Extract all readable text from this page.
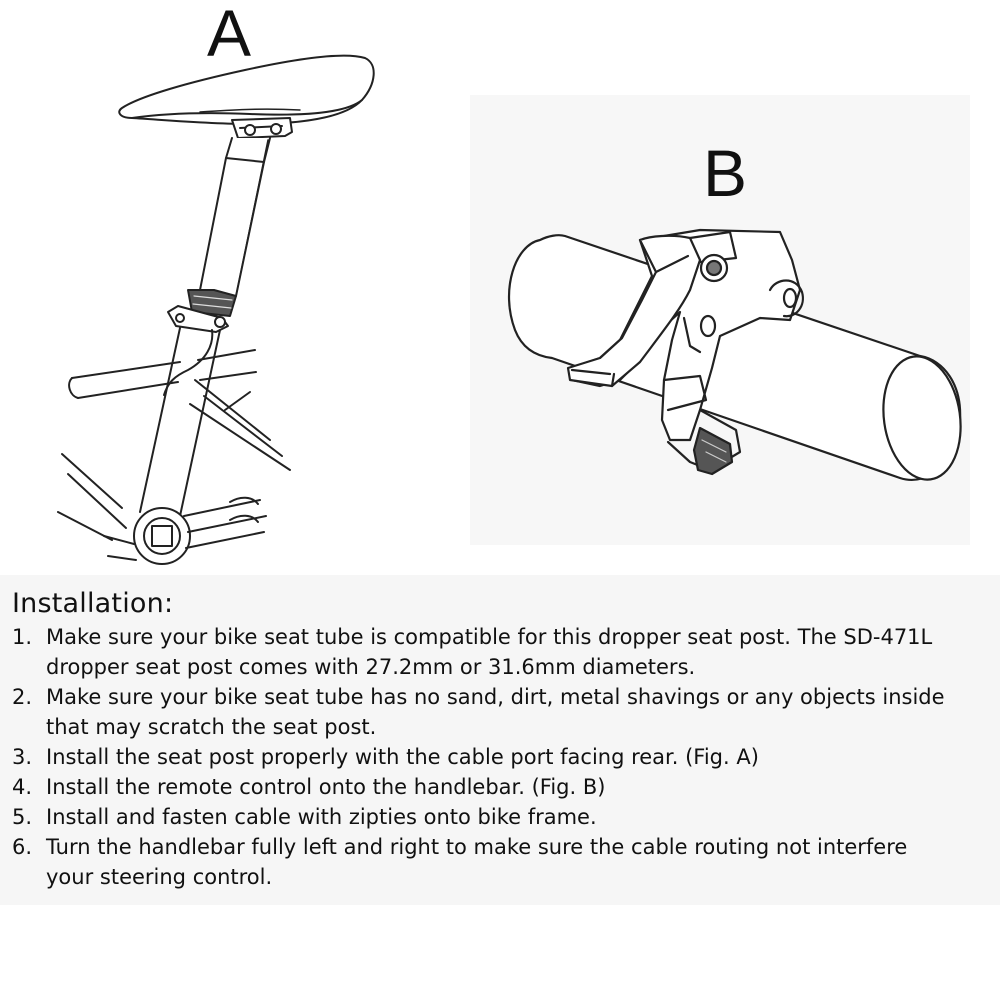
A
B
Installation:
1. Make sure your bike seat tube is compatible for this dropper seat post. The SD-471L
dropper seat post comes with 27.2mm or 31.6mm diameters.
2. Make sure your bike seat tube has no sand, dirt, metal shavings or any objects inside
that may scratch the seat post.
3. Install the seat post properly with the cable port facing rear. (Fig. A)
4. Install the remote control onto the handlebar. (Fig. B)
5. Install and fasten cable with zipties onto bike frame.
6. Turn the handlebar fully left and right to make sure the cable routing not interfere
your steering control.
